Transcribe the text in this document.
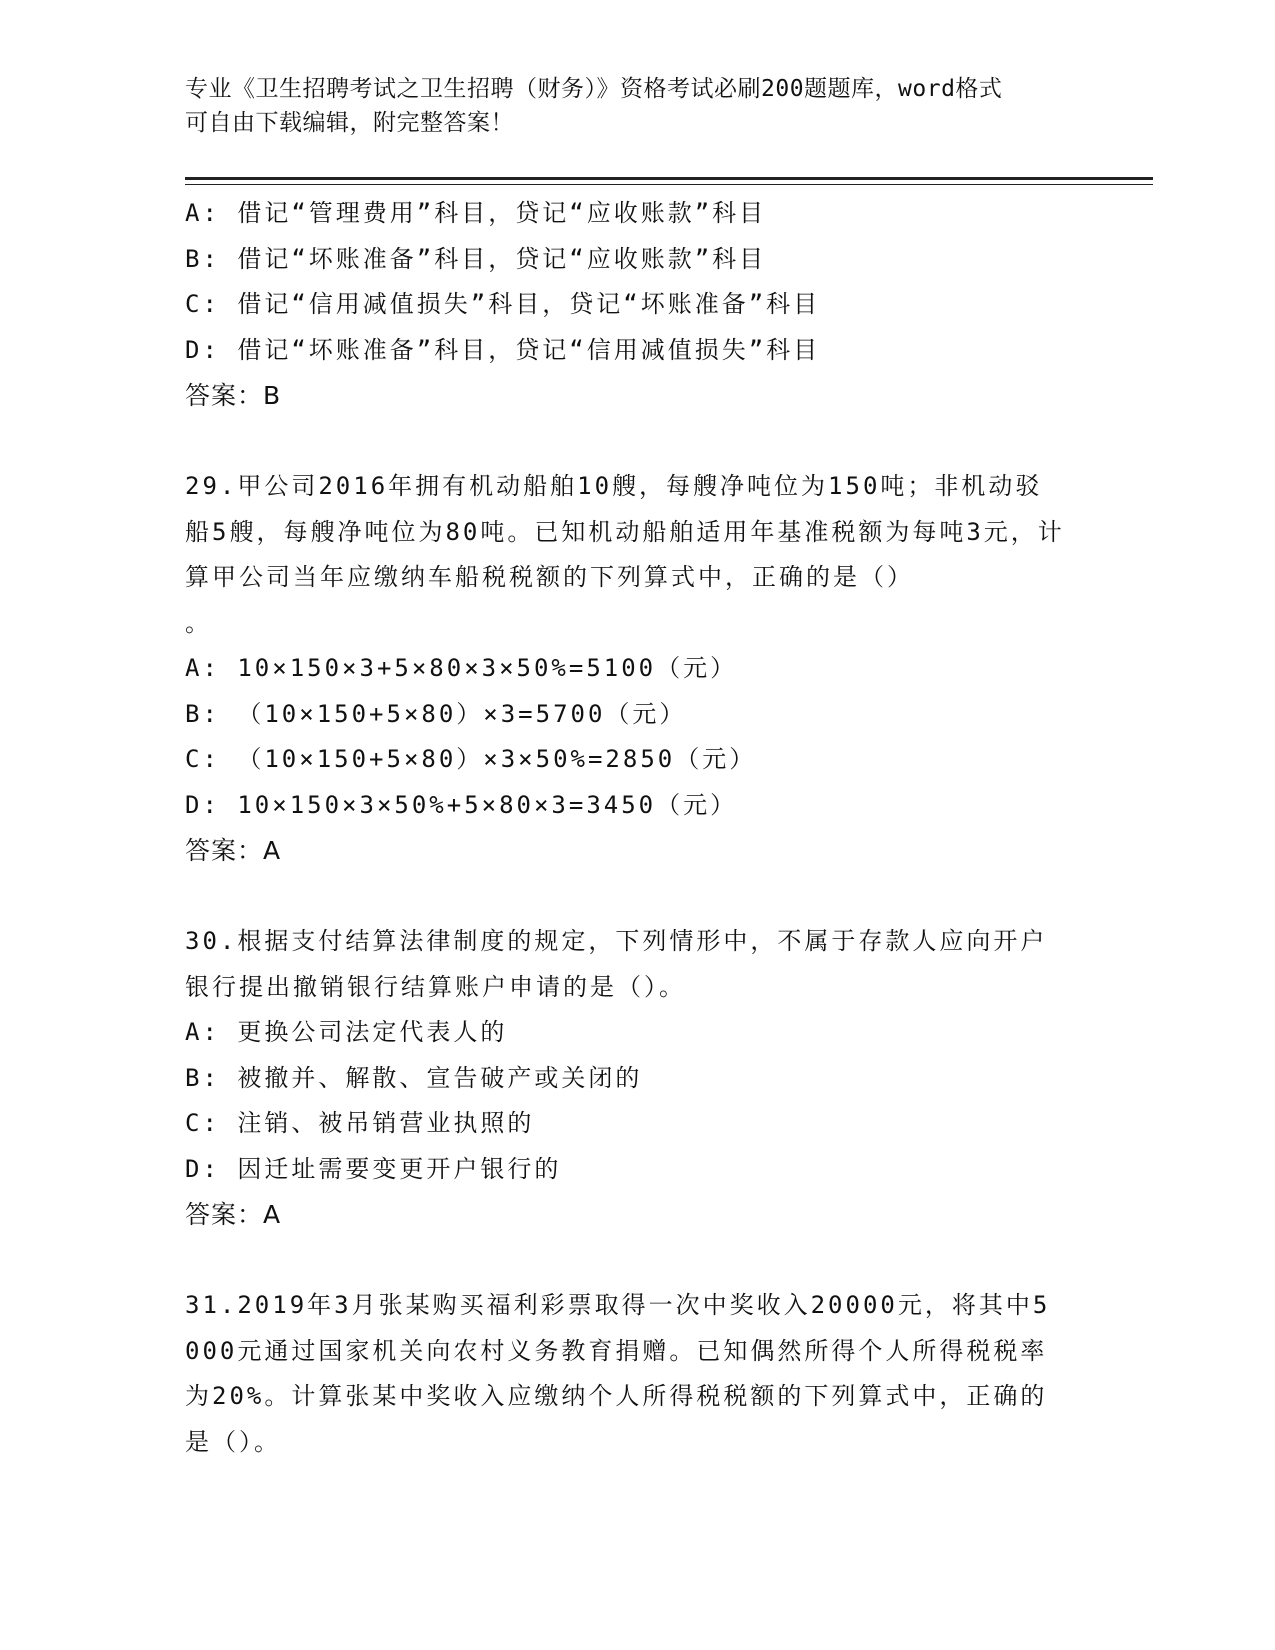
专业《卫生招聘考试之卫生招聘（财务）》资格考试必刷200题题库，word格式
可自由下载编辑，附完整答案！
A: 借记“管理费用”科目，贷记“应收账款”科目
B: 借记“坏账准备”科目，贷记“应收账款”科目
C: 借记“信用减值损失”科目，贷记“坏账准备”科目
D: 借记“坏账准备”科目，贷记“信用减值损失”科目
答案：B
29.甲公司2016年拥有机动船舶10艘，每艘净吨位为150吨；非机动驳船5艘，每艘净吨位为80吨。已知机动船舶适用年基准税额为每吨3元，计算甲公司当年应缴纳车船税税额的下列算式中，正确的是（）
。
A: 10×150×3+5×80×3×50%=5100（元）
B: （10×150+5×80）×3=5700（元）
C: （10×150+5×80）×3×50%=2850（元）
D: 10×150×3×50%+5×80×3=3450（元）
答案：A
30.根据支付结算法律制度的规定，下列情形中，不属于存款人应向开户银行提出撤销银行结算账户申请的是（）。
A: 更换公司法定代表人的
B: 被撤并、解散、宣告破产或关闭的
C: 注销、被吊销营业执照的
D: 因迁址需要变更开户银行的
答案：A
31.2019年3月张某购买福利彩票取得一次中奖收入20000元，将其中5000元通过国家机关向农村义务教育捐赠。已知偶然所得个人所得税税率为20%。计算张某中奖收入应缴纳个人所得税税额的下列算式中，正确的是（）。
